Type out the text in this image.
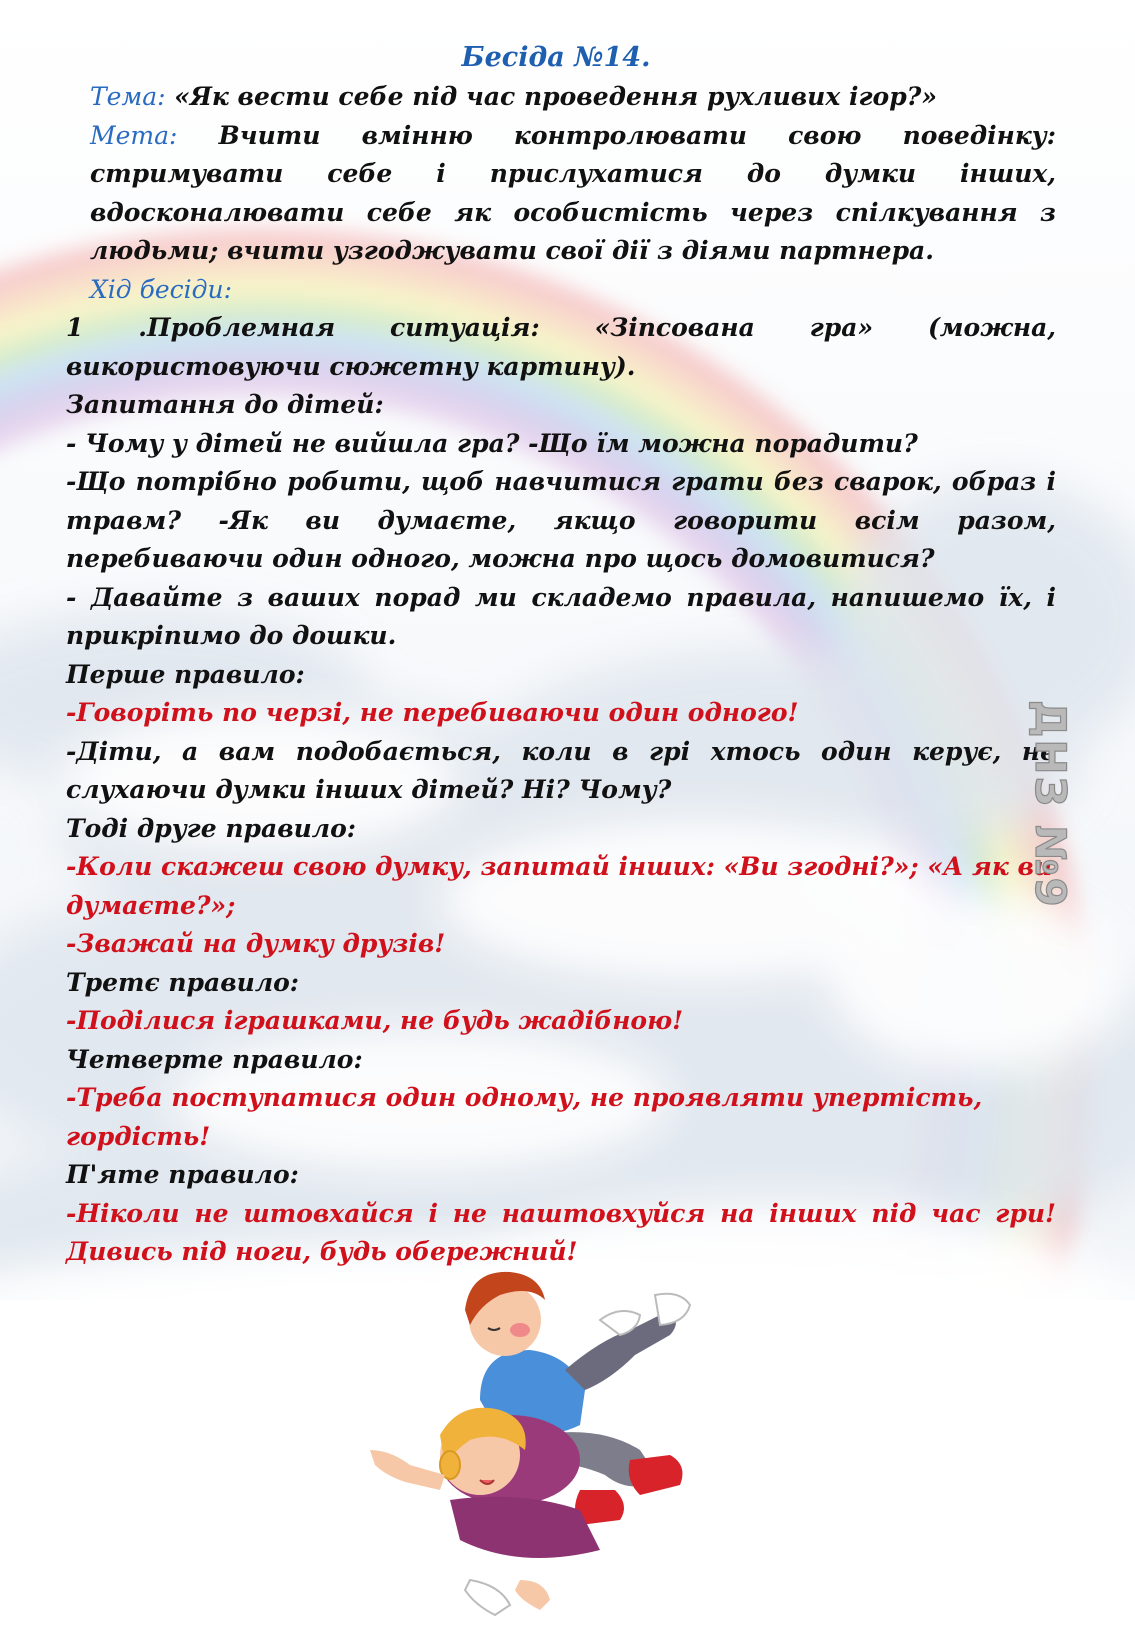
Бесіда №14.

Тема: «Як вести себе під час проведення рухливих ігор?»

Мета: Вчити вмінню контролювати свою поведінку: стримувати себе і прислухатися до думки інших, вдосконалювати себе як особистість через спілкування з людьми; вчити узгоджувати свої дії з діями партнера.

Хід бесіди:

1 .Проблемная ситуація: «Зіпсована гра» (можна, використовуючи сюжетну картину).

Запитання до дітей:

- Чому у дітей не вийшла гра? -Що їм можна порадити?

-Що потрібно робити, щоб навчитися грати без сварок, образ і травм? -Як ви думаєте, якщо говорити всім разом, перебиваючи один одного, можна про щось домовитися?

- Давайте з ваших порад ми складемо правила, напишемо їх, і прикріпимо до дошки.

Перше правило:

-Говоріть по черзі, не перебиваючи один одного!

-Діти, а вам подобається, коли в грі хтось один керує, не слухаючи думки інших дітей? Ні? Чому?

Тоді друге правило:

-Коли скажеш свою думку, запитай інших: «Ви згодні?»; «А як ви думаєте?»;

-Зважай на думку друзів!

Третє правило:

-Поділися іграшками, не будь жадібною!

Четверте правило:

-Треба поступатися один одному, не проявляти упертість, гордість!

П'яте правило:

-Ніколи не штовхайся і не наштовхуйся на інших під час гри! Дивись під ноги, будь обережний!

ДНЗ №9
